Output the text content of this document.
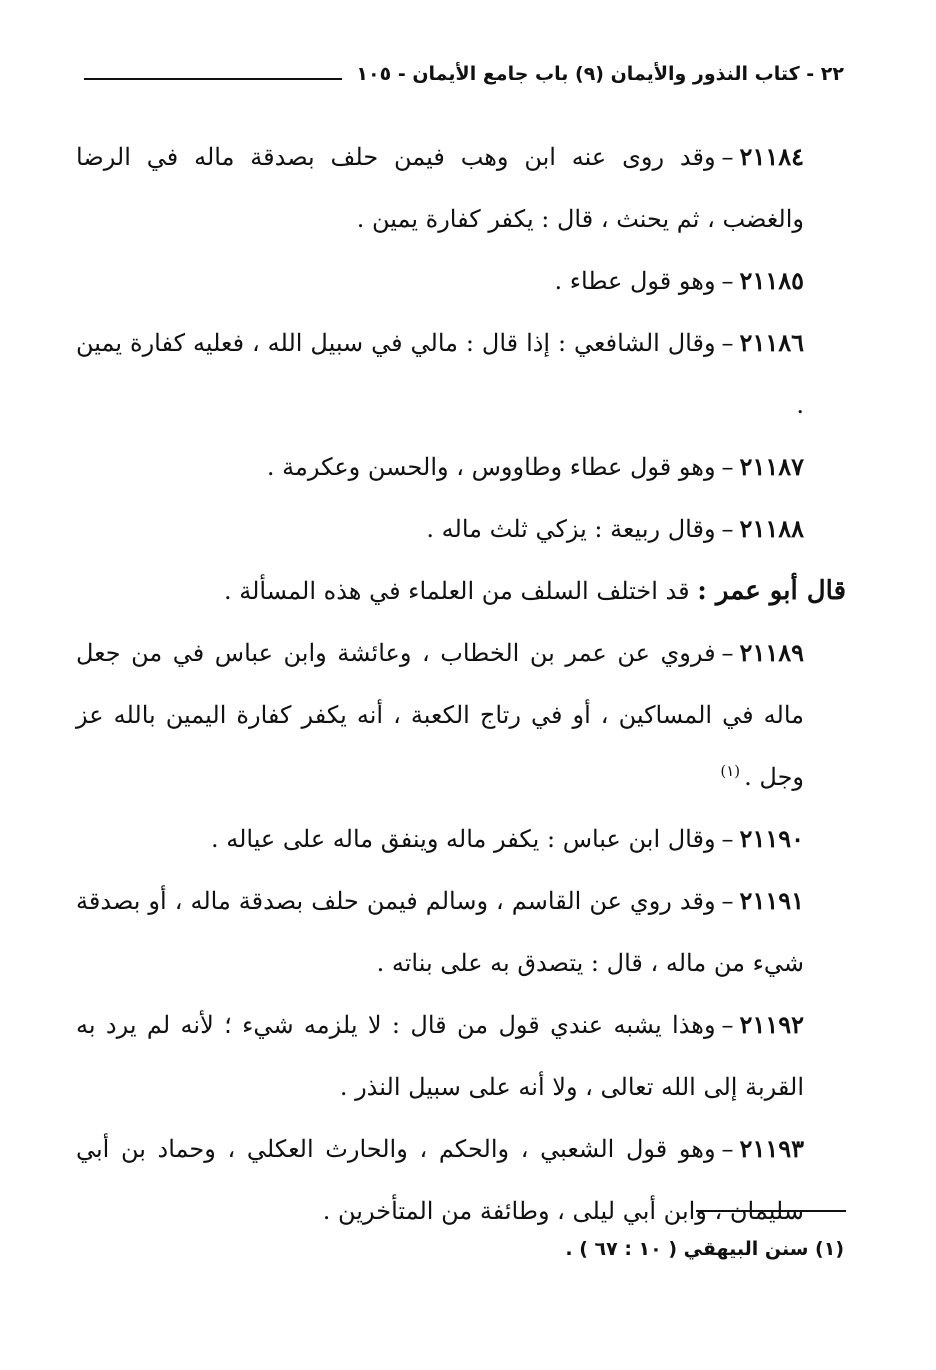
٢٢ - كتاب النذور والأيمان (٩) باب جامع الأيمان - ١٠٥

٢١١٨٤–وقد روى عنه ابن وهب فيمن حلف بصدقة ماله في الرضا والغضب ، ثم يحنث ، قال : يكفر كفارة يمين .

٢١١٨٥–وهو قول عطاء .

٢١١٨٦–وقال الشافعي : إذا قال : مالي في سبيل الله ، فعليه كفارة يمين .

٢١١٨٧–وهو قول عطاء وطاووس ، والحسن وعكرمة .

٢١١٨٨–وقال ربيعة : يزكي ثلث ماله .

قال أبو عمر : قد اختلف السلف من العلماء في هذه المسألة .

٢١١٨٩–فروي عن عمر بن الخطاب ، وعائشة وابن عباس في من جعل ماله في المساكين ، أو في رتاج الكعبة ، أنه يكفر كفارة اليمين بالله عز وجل .$^{(١)}$

٢١١٩٠–وقال ابن عباس : يكفر ماله وينفق ماله على عياله .

٢١١٩١–وقد روي عن القاسم ، وسالم فيمن حلف بصدقة ماله ، أو بصدقة شيء من ماله ، قال : يتصدق به على بناته .

٢١١٩٢–وهذا يشبه عندي قول من قال : لا يلزمه شيء ؛ لأنه لم يرد به القربة إلى الله تعالى ، ولا أنه على سبيل النذر .

٢١١٩٣–وهو قول الشعبي ، والحكم ، والحارث العكلي ، وحماد بن أبي سليمان ، وابن أبي ليلى ، وطائفة من المتأخرين .

(١) سنن البيهقي ( ١٠ : ٦٧ ) .
